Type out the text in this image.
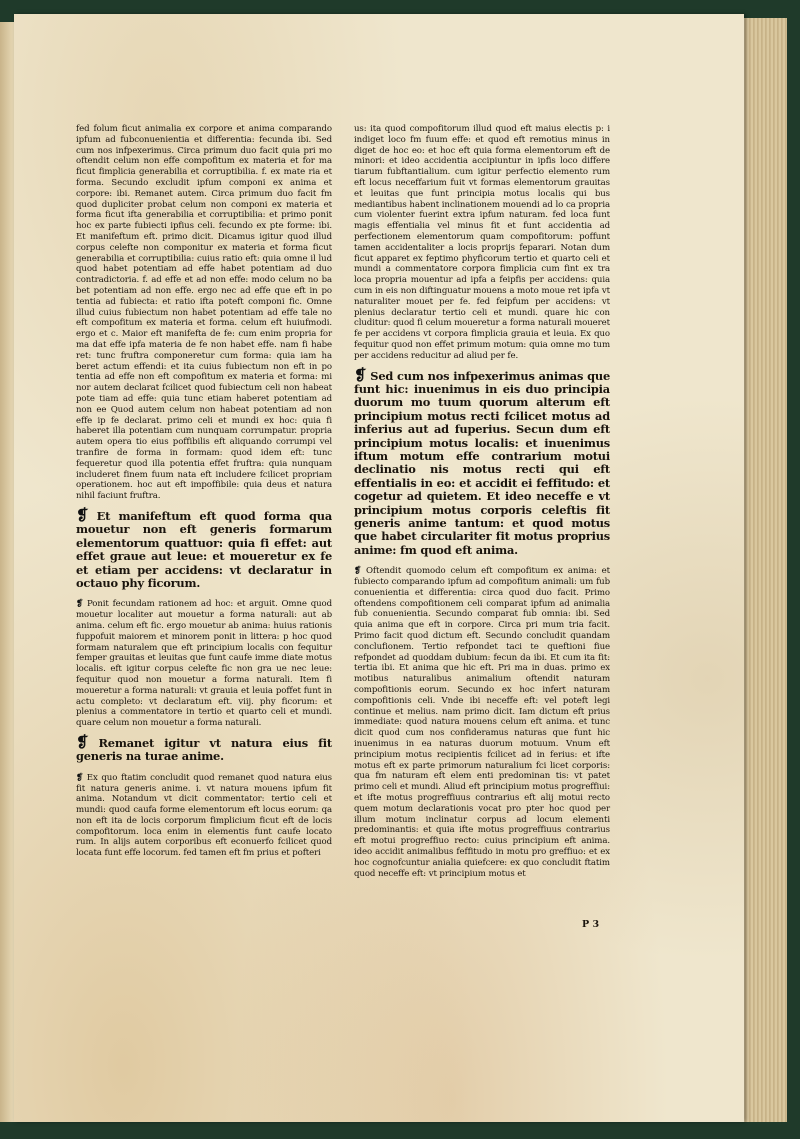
fed folum ficut animalia ex corpore et anima comparando ipfum ad fubconuenientia et differentia: fecunda ibi. Sed cum nos infpexerimus. Circa primum duo facit quia pri mo oftendit celum non effe compofitum ex materia et for ma ficut fimplicia generabilia et corruptibilia. f. ex mate ria et forma. Secundo excludit ipfum componi ex anima et corpore: ibi. Remanet autem. Circa primum duo facit fm quod dupliciter probat celum non componi ex materia et forma ficut ifta generabilia et corruptibilia: et primo ponit hoc ex parte fubiecti ipfius celi. fecundo ex pte forme: ibi. Et manifeftum eft. primo dicit. Dicamus igitur quod illud corpus celefte non componitur ex materia et forma ficut generabilia et corruptibilia: cuius ratio eft: quia omne il lud quod habet potentiam ad effe habet potentiam ad duo contradictoria. f. ad effe et ad non effe: modo celum no ba bet potentiam ad non effe. ergo nec ad effe que eft in po tentia ad fubiecta: et ratio ifta poteft componi fic. Omne illud cuius fubiectum non habet potentiam ad effe tale no eft compofitum ex materia et forma. celum eft huiufmodi. ergo et c. Maior eft manifefta de fe: cum enim propria for ma dat effe ipfa materia de fe non habet effe. nam fi habe ret: tunc fruftra componeretur cum forma: quia iam ha beret actum effendi: et ita cuius fubiectum non eft in po tentia ad effe non eft compofitum ex materia et forma: mi nor autem declarat fcilicet quod fubiectum celi non habeat pote tiam ad effe: quia tunc etiam haberet potentiam ad non ee Quod autem celum non habeat potentiam ad non effe ip fe declarat. primo celi et mundi ex hoc: quia fi haberet illa potentiam cum nunquam corrumpatur. propria autem opera tio eius poffibilis eft aliquando corrumpi vel tranfire de forma in formam: quod idem eft: tunc fequeretur quod illa potentia effet fruftra: quia nunquam includeret finem fuum nata eft includere fcilicet propriam operationem. hoc aut eft impoffibile: quia deus et natura nihil faciunt fruftra.

❡ Et manifeftum eft quod forma qua mouetur non eft generis formarum elementorum quattuor: quia fi effet: aut effet graue aut leue: et moueretur ex fe et etiam per accidens: vt declaratur in octauo phy ficorum.

❡ Ponit fecundam rationem ad hoc: et arguit. Omne quod mouetur localiter aut mouetur a forma naturali: aut ab anima. celum eft fic. ergo mouetur ab anima: huius rationis fuppofuit maiorem et minorem ponit in littera: p hoc quod formam naturalem que eft principium localis con fequitur femper grauitas et leuitas que funt caufe imme diate motus localis. eft igitur corpus celefte fic non gra ue nec leue: fequitur quod non mouetur a forma naturali. Item fi moueretur a forma naturali: vt grauia et leuia poffet funt in actu completo: vt declaratum eft. viij. phy ficorum: et plenius a commentatore in tertio et quarto celi et mundi. quare celum non mouetur a forma naturali.

❡ Remanet igitur vt natura eius fit generis na turae anime.

❡ Ex quo ftatim concludit quod remanet quod natura eius fit natura generis anime. i. vt natura mouens ipfum fit anima. Notandum vt dicit commentator: tertio celi et mundi: quod caufa forme elementorum eft locus eorum: qa non eft ita de locis corporum fimplicium ficut eft de locis compofitorum. loca enim in elementis funt caufe locato rum. In alijs autem corporibus eft econuerfo fcilicet quod locata funt effe locorum. fed tamen eft fm prius et pofteri

us: ita quod compofitorum illud quod eft maius electis p: i indiget loco fm fuum effe: et quod eft remotius minus in diget de hoc eo: et hoc eft quia forma elementorum eft de minori: et ideo accidentia accipiuntur in ipfis loco differe tiarum fubftantialium. cum igitur perfectio elemento rum eft locus neceffarium fuit vt formas elementorum grauitas et leuitas que funt principia motus localis qui bus mediantibus habent inclinationem mouendi ad lo ca propria cum violenter fuerint extra ipfum naturam. fed loca funt magis effentialia vel minus fit et funt accidentia ad perfectionem elementorum quam compofitorum: poffunt tamen accidentaliter a locis proprijs feparari. Notan dum ficut apparet ex feptimo phyficorum tertio et quarto celi et mundi a commentatore corpora fimplicia cum fint ex tra loca propria mouentur ad ipfa a feipfis per accidens: quia cum in eis non diftinguatur mouens a moto moue ret ipfa vt naturaliter mouet per fe. fed feipfum per accidens: vt plenius declaratur tertio celi et mundi. quare hic con cluditur: quod fi celum moueretur a forma naturali moueret fe per accidens vt corpora fimplicia grauia et leuia. Ex quo fequitur quod non effet primum motum: quia omne mo tum per accidens reducitur ad aliud per fe.

❡ Sed cum nos infpexerimus animas que funt hic: inuenimus in eis duo principia duorum mo tuum quorum alterum eft principium motus recti fcilicet motus ad inferius aut ad fuperius. Secun dum eft principium motus localis: et inuenimus iftum motum effe contrarium motui declinatio nis motus recti qui eft effentialis in eo: et accidit ei feffitudo: et cogetur ad quietem. Et ideo neceffe e vt principium motus corporis celeftis fit generis anime tantum: et quod motus que habet circulariter fit motus proprius anime: fm quod eft anima.

❡ Oftendit quomodo celum eft compofitum ex anima: et fubiecto comparando ipfum ad compofitum animali: um fub conuenientia et differentia: circa quod duo facit. Primo oftendens compofitionem celi comparat ipfum ad animalia fub conuenientia. Secundo comparat fub omnia: ibi. Sed quia anima que eft in corpore. Circa pri mum tria facit. Primo facit quod dictum eft. Secundo concludit quandam conclufionem. Tertio refpondet taci te queftioni fiue refpondet ad quoddam dubium: fecun da ibi. Et cum ita fit: tertia ibi. Et anima que hic eft. Pri ma in duas. primo ex motibus naturalibus animalium oftendit naturam compofitionis eorum. Secundo ex hoc infert naturam compofitionis celi. Vnde ibi neceffe eft: vel poteft legi continue et melius. nam primo dicit. Iam dictum eft prius immediate: quod natura mouens celum eft anima. et tunc dicit quod cum nos confideramus naturas que funt hic inuenimus in ea naturas duorum motuum. Vnum eft principium motus recipientis fcilicet ad in ferius: et ifte motus eft ex parte primorum naturalium fci licet corporis: qua fm naturam eft elem enti predominan tis: vt patet primo celi et mundi. Aliud eft principium motus progreffiui: et ifte motus progreffiuus contrarius eft alij motui recto quem motum declarationis vocat pro pter hoc quod per illum motum inclinatur corpus ad locum elementi predominantis: et quia ifte motus progreffiuus contrarius eft motui progreffiuo recto: cuius principium eft anima. ideo accidit animalibus feffitudo in motu pro greffiuo: et ex hoc cognofcuntur anialia quiefcere: ex quo concludit ftatim quod neceffe eft: vt principium motus et

P 3
